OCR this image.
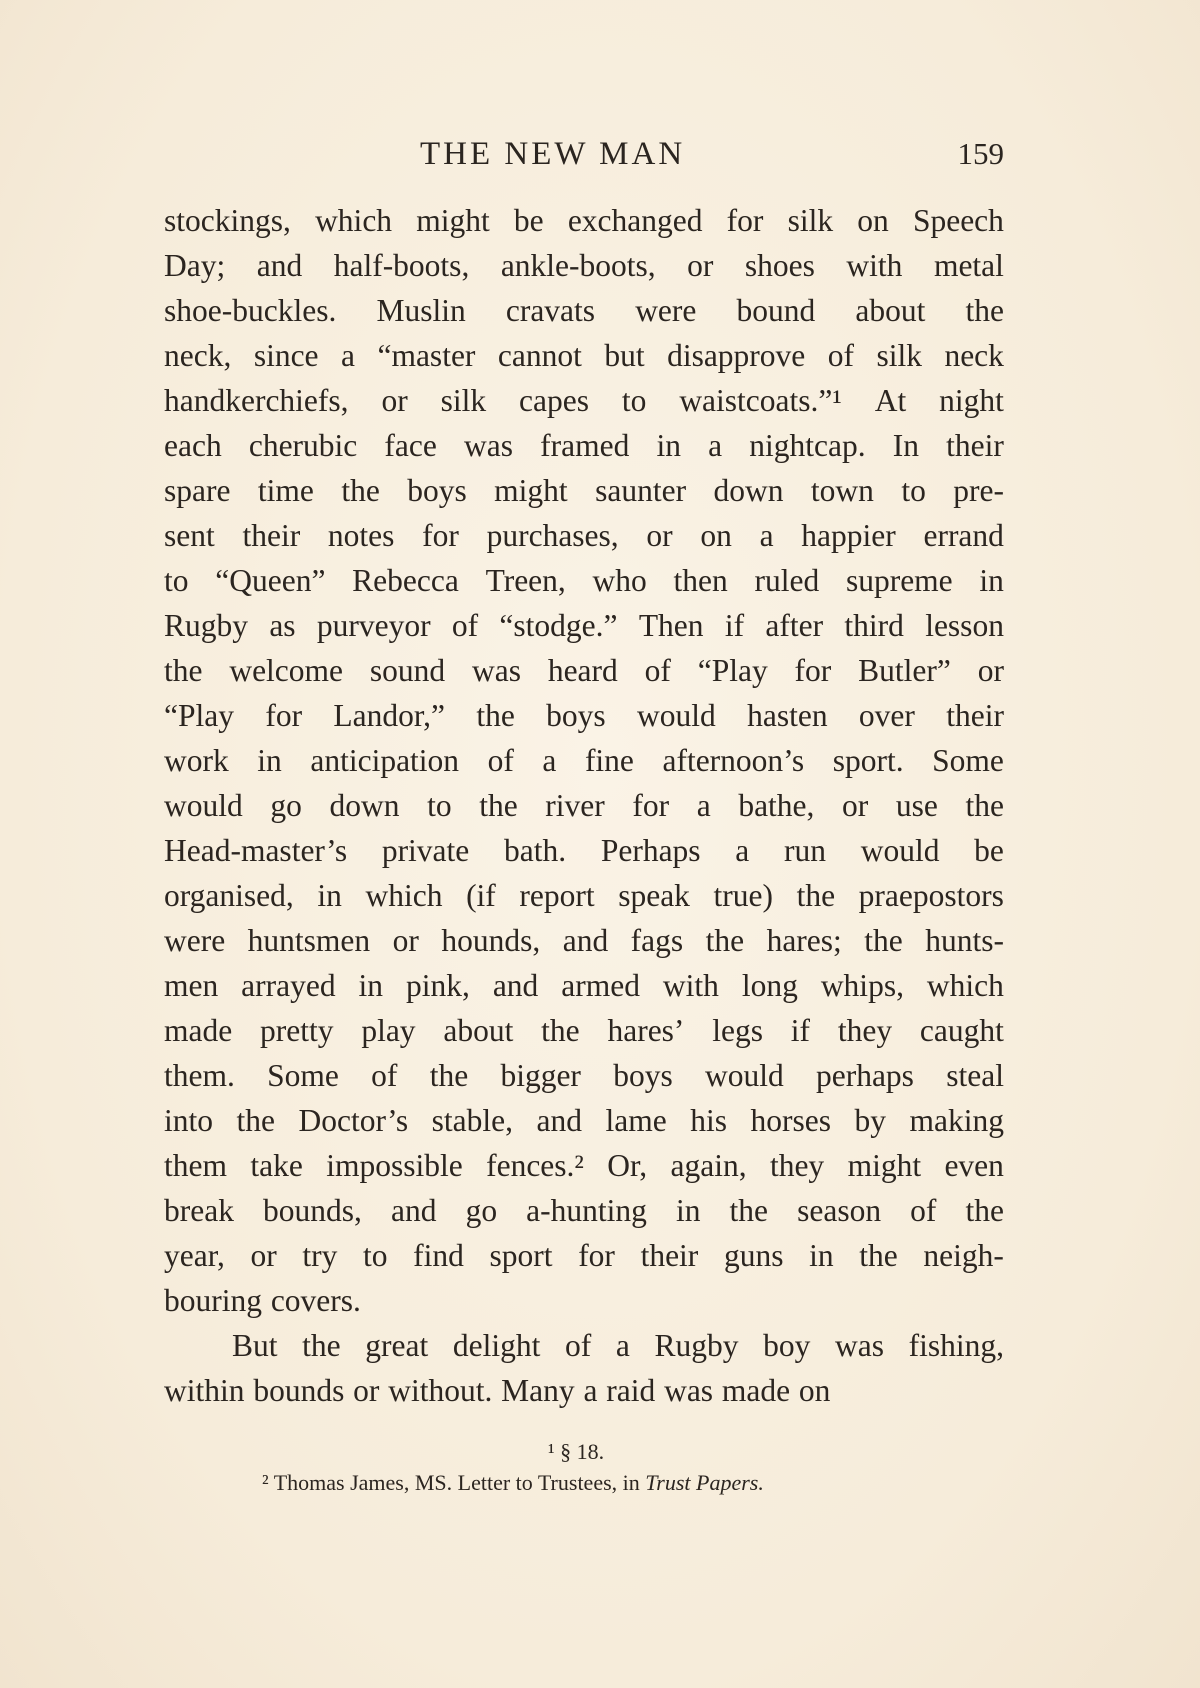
THE NEW MAN	159
stockings, which might be exchanged for silk on Speech
Day; and half-boots, ankle-boots, or shoes with metal
shoe-buckles. Muslin cravats were bound about the
neck, since a “master cannot but disapprove of silk neck
handkerchiefs, or silk capes to waistcoats.”¹ At night
each cherubic face was framed in a nightcap. In their
spare time the boys might saunter down town to pre-
sent their notes for purchases, or on a happier errand
to “Queen” Rebecca Treen, who then ruled supreme in
Rugby as purveyor of “stodge.” Then if after third lesson
the welcome sound was heard of “Play for Butler” or
“Play for Landor,” the boys would hasten over their
work in anticipation of a fine afternoon’s sport. Some
would go down to the river for a bathe, or use the
Head-master’s private bath. Perhaps a run would be
organised, in which (if report speak true) the praepostors
were huntsmen or hounds, and fags the hares; the hunts-
men arrayed in pink, and armed with long whips, which
made pretty play about the hares’ legs if they caught
them. Some of the bigger boys would perhaps steal
into the Doctor’s stable, and lame his horses by making
them take impossible fences.² Or, again, they might even
break bounds, and go a-hunting in the season of the
year, or try to find sport for their guns in the neigh-
bouring covers.
But the great delight of a Rugby boy was fishing,
within bounds or without. Many a raid was made on
¹ § 18.
² Thomas James, MS. Letter to Trustees, in Trust Papers.
